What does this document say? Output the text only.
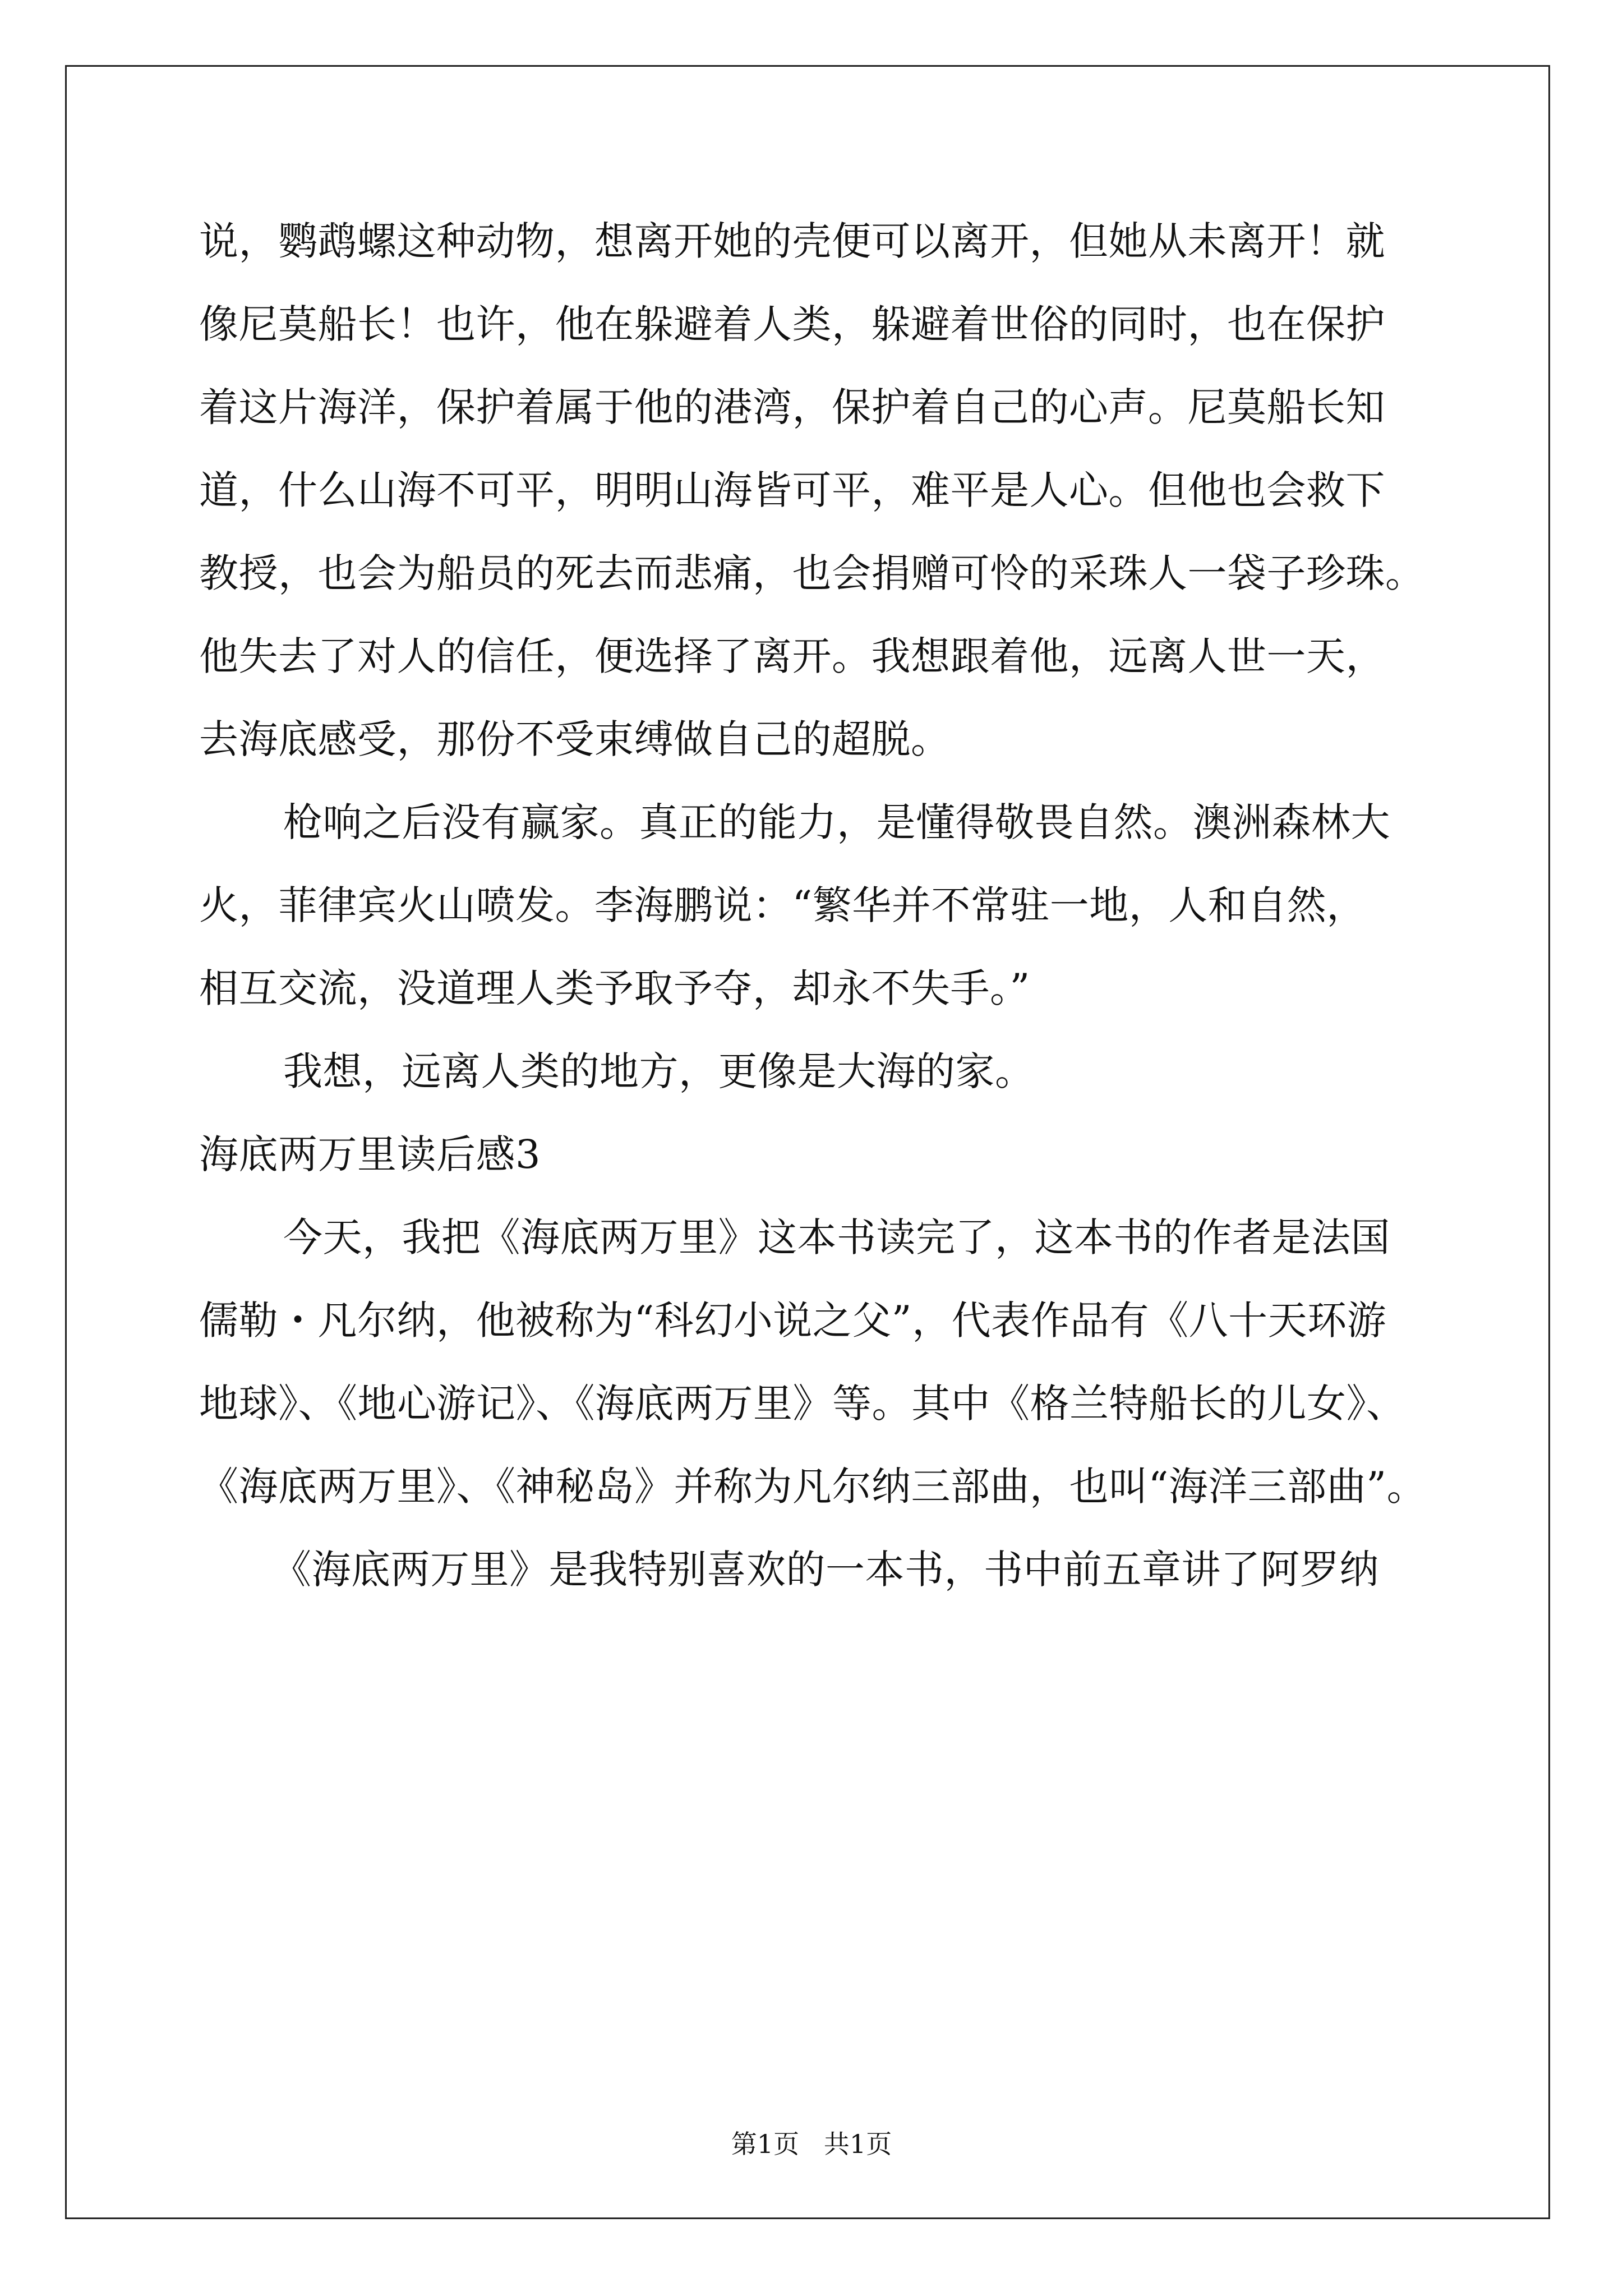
说，鹦鹉螺这种动物，想离开她的壳便可以离开，但她从未离开！就
像尼莫船长！也许，他在躲避着人类，躲避着世俗的同时，也在保护
着这片海洋，保护着属于他的港湾，保护着自己的心声。尼莫船长知
道，什么山海不可平，明明山海皆可平，难平是人心。但他也会救下
教授，也会为船员的死去而悲痛，也会捐赠可怜的采珠人一袋子珍珠。
他失去了对人的信任，便选择了离开。我想跟着他，远离人世一天，
去海底感受，那份不受束缚做自己的超脱。
枪响之后没有赢家。真正的能力，是懂得敬畏自然。澳洲森林大
火，菲律宾火山喷发。李海鹏说：“繁华并不常驻一地，人和自然，
相互交流，没道理人类予取予夺，却永不失手。”
我想，远离人类的地方，更像是大海的家。
海底两万里读后感3
今天，我把《海底两万里》这本书读完了，这本书的作者是法国
儒勒・凡尔纳，他被称为“科幻小说之父”，代表作品有《八十天环游
地球》、《地心游记》、《海底两万里》等。其中《格兰特船长的儿女》、
《海底两万里》、《神秘岛》并称为凡尔纳三部曲，也叫“海洋三部曲”。
《海底两万里》是我特别喜欢的一本书，书中前五章讲了阿罗纳
第1页   共1页
